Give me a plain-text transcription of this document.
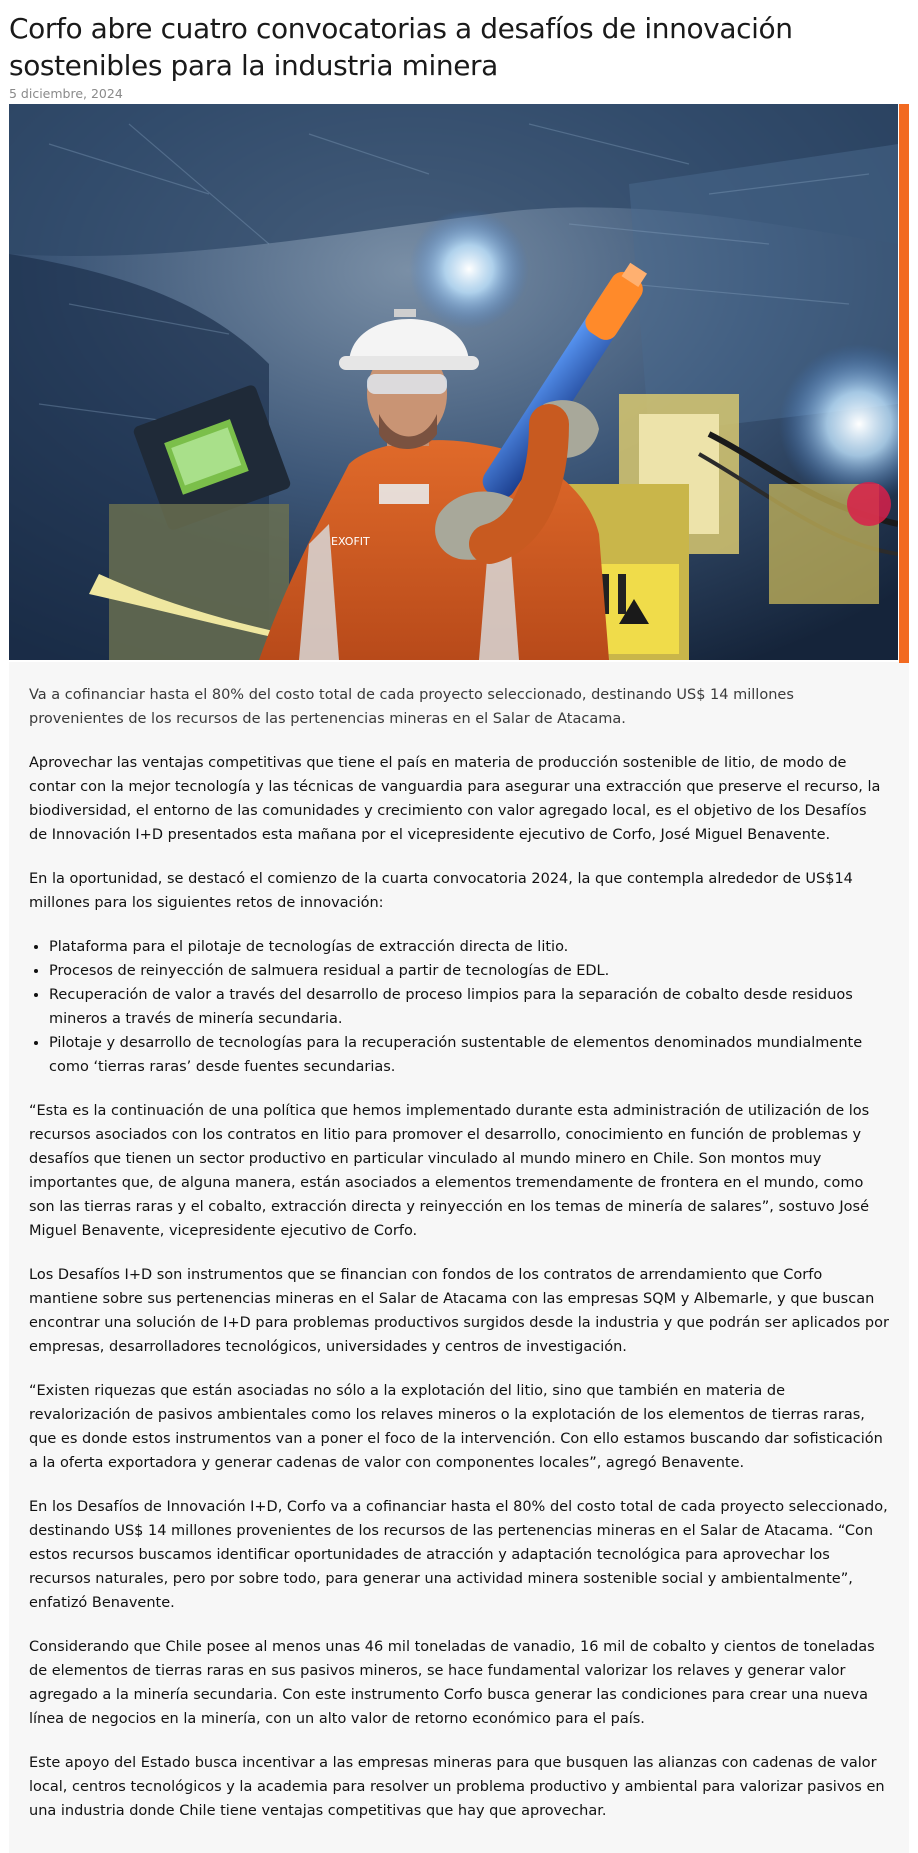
Corfo abre cuatro convocatorias a desafíos de innovación sostenibles para la industria minera
5 diciembre, 2024
EXOFIT

Va a cofinanciar hasta el 80% del costo total de cada proyecto seleccionado, destinando US$ 14 millones provenientes de los recursos de las pertenencias mineras en el Salar de Atacama.

Aprovechar las ventajas competitivas que tiene el país en materia de producción sostenible de litio, de modo de contar con la mejor tecnología y las técnicas de vanguardia para asegurar una extracción que preserve el recurso, la biodiversidad, el entorno de las comunidades y crecimiento con valor agregado local, es el objetivo de los Desafíos de Innovación I+D presentados esta mañana por el vicepresidente ejecutivo de Corfo, José Miguel Benavente.

En la oportunidad, se destacó el comienzo de la cuarta convocatoria 2024, la que contempla alrededor de US$14 millones para los siguientes retos de innovación:

• Plataforma para el pilotaje de tecnologías de extracción directa de litio.
• Procesos de reinyección de salmuera residual a partir de tecnologías de EDL.
• Recuperación de valor a través del desarrollo de proceso limpios para la separación de cobalto desde residuos mineros a través de minería secundaria.
• Pilotaje y desarrollo de tecnologías para la recuperación sustentable de elementos denominados mundialmente como ‘tierras raras’ desde fuentes secundarias.

“Esta es la continuación de una política que hemos implementado durante esta administración de utilización de los recursos asociados con los contratos en litio para promover el desarrollo, conocimiento en función de problemas y desafíos que tienen un sector productivo en particular vinculado al mundo minero en Chile. Son montos muy importantes que, de alguna manera, están asociados a elementos tremendamente de frontera en el mundo, como son las tierras raras y el cobalto, extracción directa y reinyección en los temas de minería de salares”, sostuvo José Miguel Benavente, vicepresidente ejecutivo de Corfo.

Los Desafíos I+D son instrumentos que se financian con fondos de los contratos de arrendamiento que Corfo mantiene sobre sus pertenencias mineras en el Salar de Atacama con las empresas SQM y Albemarle, y que buscan encontrar una solución de I+D para problemas productivos surgidos desde la industria y que podrán ser aplicados por empresas, desarrolladores tecnológicos, universidades y centros de investigación.

“Existen riquezas que están asociadas no sólo a la explotación del litio, sino que también en materia de revalorización de pasivos ambientales como los relaves mineros o la explotación de los elementos de tierras raras, que es donde estos instrumentos van a poner el foco de la intervención. Con ello estamos buscando dar sofisticación a la oferta exportadora y generar cadenas de valor con componentes locales”, agregó Benavente.

En los Desafíos de Innovación I+D, Corfo va a cofinanciar hasta el 80% del costo total de cada proyecto seleccionado, destinando US$ 14 millones provenientes de los recursos de las pertenencias mineras en el Salar de Atacama. “Con estos recursos buscamos identificar oportunidades de atracción y adaptación tecnológica para aprovechar los recursos naturales, pero por sobre todo, para generar una actividad minera sostenible social y ambientalmente”, enfatizó Benavente.

Considerando que Chile posee al menos unas 46 mil toneladas de vanadio, 16 mil de cobalto y cientos de toneladas de elementos de tierras raras en sus pasivos mineros, se hace fundamental valorizar los relaves y generar valor agregado a la minería secundaria. Con este instrumento Corfo busca generar las condiciones para crear una nueva línea de negocios en la minería, con un alto valor de retorno económico para el país.

Este apoyo del Estado busca incentivar a las empresas mineras para que busquen las alianzas con cadenas de valor local, centros tecnológicos y la academia para resolver un problema productivo y ambiental para valorizar pasivos en una industria donde Chile tiene ventajas competitivas que hay que aprovechar.
